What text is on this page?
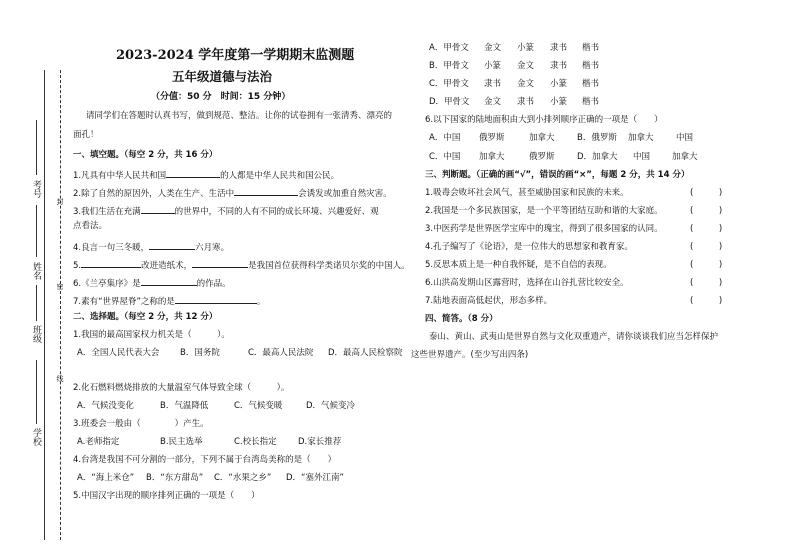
考号
姓名
班级
学校
封
密
线
2023-2024 学年度第一学期期末监测题
五年级道德与法治
（分值：50 分　时间：15 分钟）
请同学们在答题时认真书写，做到规范、整洁。让你的试卷拥有一张清秀、漂亮的
面孔！
一、填空题。（每空 2 分，共 16 分）
1.凡具有中华人民共和国	的人都是中华人民共和国公民。
2.除了自然的原因外，人类在生产、生活中	会诱发或加重自然灾害。
3.我们生活在充满	的世界中，不同的人有不同的成长环境、兴趣爱好、观
点看法。
4.良言一句三冬暖，	六月寒。
5.	改进造纸术，	是我国首位获得科学类诺贝尔奖的中国人。
6.《兰亭集序》是	的作品。
7.素有“世界屋脊”之称的是	。
二、选择题。（每空 2 分，共 12 分）
1.我国的最高国家权力机关是（　　　）。
A．全国人民代表大会 B．国务院	C．最高人民法院 D．最高人民检察院
2.化石燃料燃烧排放的大量温室气体导致全球（　　　）。
A．气候没变化	B．气温降低	C．气候变暖	D．气候变冷
3.班委会一般由（　　　　）产生。
A.老师指定	B.民主选举	C.校长指定	D.家长推荐
4.台湾是我国不可分割的一部分，下列不属于台湾岛美称的是（　　）
A．“海上米仓” B．“东方甜岛” C．“水果之乡” D．“塞外江南”
5.中国汉字出现的顺序排列正确的一项是（　　）
A．甲骨文 金文 小篆 隶书 楷书
B．甲骨文 小篆 金文 隶书 楷书
C．甲骨文 隶书 金文 小篆 楷书
D．甲骨文 金文 隶书 小篆 楷书
6.以下国家的陆地面积由大到小排列顺序正确的一项是（　　）
A．中国 俄罗斯	加拿大	B．俄罗斯 加拿大	中国
C．中国 加拿大	俄罗斯	D．加拿大 中国	加拿大
三、判断题。（正确的画“√”，错误的画“×”，每题 2 分，共 14 分）
1.吸毒会败坏社会风气，甚至威胁国家和民族的未来。	(　　　)
2.我国是一个多民族国家，是一个平等团结互助和谐的大家庭。	(　　　)
3.中医药学是世界医学宝库中的瑰宝，得到了很多国家的认同。	(　　　)
4.孔子编写了《论语》，是一位伟大的思想家和教育家。	(　　　)
5.反思本质上是一种自我怀疑，是不自信的表现。	(　　　)
6.山洪高发期山区露营时，选择在山谷扎营比较安全。	(　　　)
7.陆地表面高低起伏，形态多样。	(　　　)
四、简答。（8 分）
泰山、黄山、武夷山是世界自然与文化双重遗产，请你谈谈我们应当怎样保护
这些世界遗产。(至少写出四条)
